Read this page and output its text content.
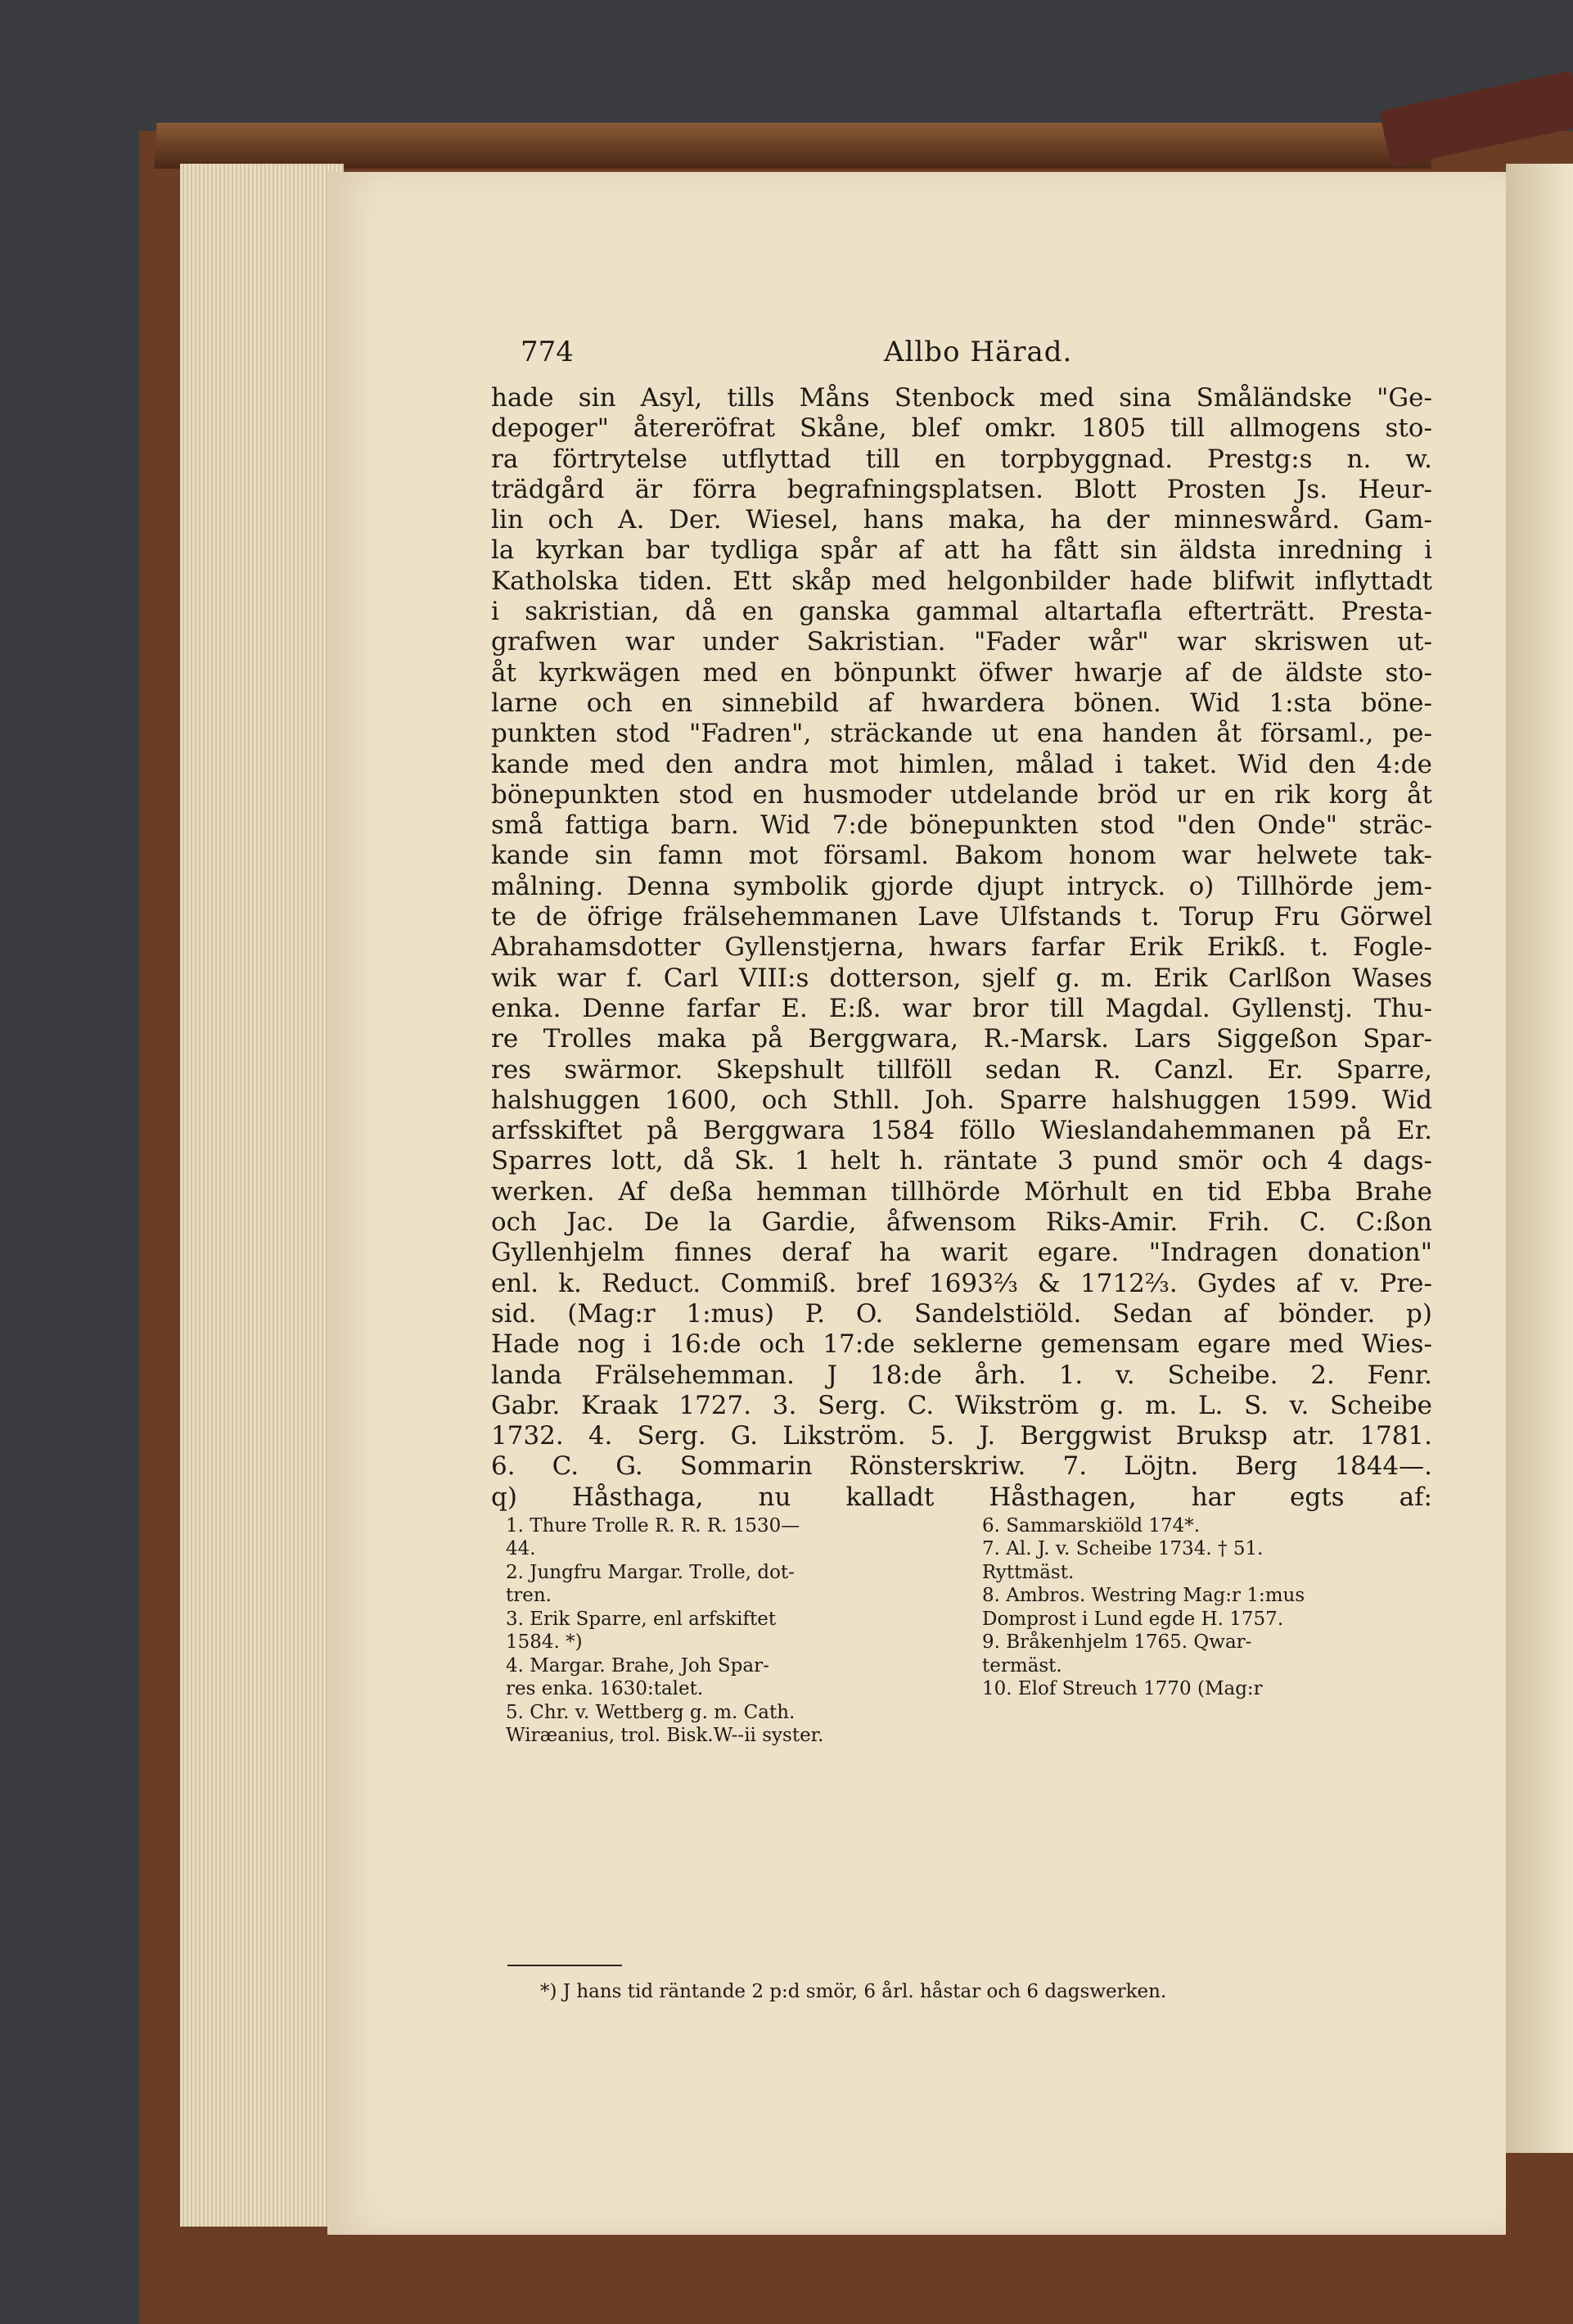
774	Allbo Härad.
hade sin Asyl, tills Måns Stenbock med sina Småländske "Ge-
depoger" återeröfrat Skåne, blef omkr. 1805 till allmogens sto-
ra förtrytelse utflyttad till en torpbyggnad. Prestg:s n. w.
trädgård är förra begrafningsplatsen. Blott Prosten Js. Heur-
lin och A. Der. Wiesel, hans maka, ha der minneswård. Gam-
la kyrkan bar tydliga spår af att ha fått sin äldsta inredning i
Katholska tiden. Ett skåp med helgonbilder hade blifwit inflyttadt
i sakristian, då en ganska gammal altartafla efterträtt. Presta-
grafwen war under Sakristian. "Fader wår" war skriswen ut-
åt kyrkwägen med en bönpunkt öfwer hwarje af de äldste sto-
larne och en sinnebild af hwardera bönen. Wid 1:sta böne-
punkten stod "Fadren", sträckande ut ena handen åt församl., pe-
kande med den andra mot himlen, målad i taket. Wid den 4:de
bönepunkten stod en husmoder utdelande bröd ur en rik korg åt
små fattiga barn. Wid 7:de bönepunkten stod "den Onde" sträc-
kande sin famn mot församl. Bakom honom war helwete tak-
målning. Denna symbolik gjorde djupt intryck. o) Tillhörde jem-
te de öfrige frälsehemmanen Lave Ulfstands t. Torup Fru Görwel
Abrahamsdotter Gyllenstjerna, hwars farfar Erik Erikß. t. Fogle-
wik war f. Carl VIII:s dotterson, sjelf g. m. Erik Carlßon Wases
enka. Denne farfar E. E:ß. war bror till Magdal. Gyllenstj. Thu-
re Trolles maka på Berggwara, R.-Marsk. Lars Siggeßon Spar-
res swärmor. Skepshult tillföll sedan R. Canzl. Er. Sparre,
halshuggen 1600, och Sthll. Joh. Sparre halshuggen 1599. Wid
arfsskiftet på Berggwara 1584 föllo Wieslandahemmanen på Er.
Sparres lott, då Sk. 1 helt h. räntate 3 pund smör och 4 dags-
werken. Af deßa hemman tillhörde Mörhult en tid Ebba Brahe
och Jac. De la Gardie, åfwensom Riks-Amir. Frih. C. C:ßon
Gyllenhjelm finnes deraf ha warit egare. "Indragen donation"
enl. k. Reduct. Commiß. bref 1693⅔ & 1712⅔. Gydes af v. Pre-
sid. (Mag:r 1:mus) P. O. Sandelstiöld. Sedan af bönder. p)
Hade nog i 16:de och 17:de seklerne gemensam egare med Wies-
landa Frälsehemman. J 18:de årh. 1. v. Scheibe. 2. Fenr.
Gabr. Kraak 1727. 3. Serg. C. Wikström g. m. L. S. v. Scheibe
1732. 4. Serg. G. Likström. 5. J. Berggwist Bruksp atr. 1781.
6. C. G. Sommarin Rönsterskriw. 7. Löjtn. Berg 1844—.
q) Håsthaga, nu kalladt Håsthagen, har egts af:
1. Thure Trolle R. R. R. 1530—
44.
2. Jungfru Margar. Trolle, dot-
tren.
3. Erik Sparre, enl arfskiftet
1584. *)
4. Margar. Brahe, Joh Spar-
res enka. 1630:talet.
5. Chr. v. Wettberg g. m. Cath.
Wiræanius, trol. Bisk.W--ii syster.
6. Sammarskiöld 174*.
7. Al. J. v. Scheibe 1734. † 51.
Ryttmäst.
8. Ambros. Westring Mag:r 1:mus
Domprost i Lund egde H. 1757.
9. Bråkenhjelm 1765. Qwar-
termäst.
10. Elof Streuch 1770 (Mag:r
*) J hans tid räntande 2 p:d smör, 6 årl. håstar och 6 dagswerken.
